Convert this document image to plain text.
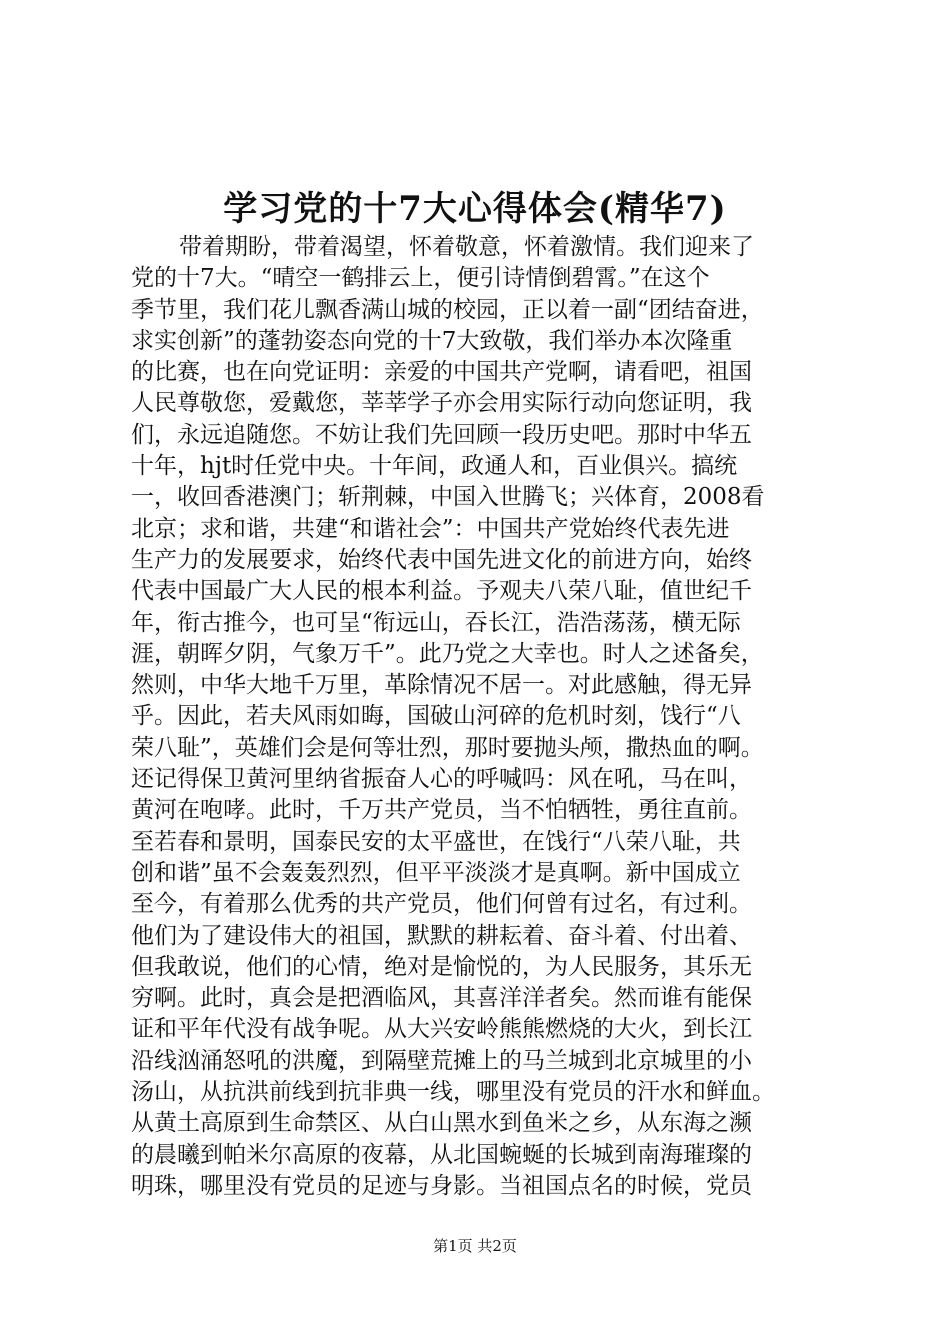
学习党的十7大心得体会(精华7)
带着期盼，带着渴望，怀着敬意，怀着激情。我们迎来了
党的十7大。“晴空一鹤排云上，便引诗情倒碧霄。”在这个
季节里，我们花儿飘香满山城的校园，正以着一副“团结奋进，
求实创新”的蓬勃姿态向党的十7大致敬，我们举办本次隆重
的比赛，也在向党证明：亲爱的中国共产党啊，请看吧，祖国
人民尊敬您，爱戴您，莘莘学子亦会用实际行动向您证明，我
们，永远追随您。不妨让我们先回顾一段历史吧。那时中华五
十年，hjt时任党中央。十年间，政通人和，百业俱兴。搞统
一，收回香港澳门；斩荆棘，中国入世腾飞；兴体育，2008看
北京；求和谐，共建“和谐社会”：中国共产党始终代表先进
生产力的发展要求，始终代表中国先进文化的前进方向，始终
代表中国最广大人民的根本利益。予观夫八荣八耻，值世纪千
年，衔古推今，也可呈“衔远山，吞长江，浩浩荡荡，横无际
涯，朝晖夕阴，气象万千”。此乃党之大幸也。时人之述备矣，
然则，中华大地千万里，革除情况不居一。对此感触，得无异
乎。因此，若夫风雨如晦，国破山河碎的危机时刻，饯行“八
荣八耻”，英雄们会是何等壮烈，那时要抛头颅，撒热血的啊。
还记得保卫黄河里纳省振奋人心的呼喊吗：风在吼，马在叫，
黄河在咆哮。此时，千万共产党员，当不怕牺牲，勇往直前。
至若春和景明，国泰民安的太平盛世，在饯行“八荣八耻，共
创和谐”虽不会轰轰烈烈，但平平淡淡才是真啊。新中国成立
至今，有着那么优秀的共产党员，他们何曾有过名，有过利。
他们为了建设伟大的祖国，默默的耕耘着、奋斗着、付出着、
但我敢说，他们的心情，绝对是愉悦的，为人民服务，其乐无
穷啊。此时，真会是把酒临风，其喜洋洋者矣。然而谁有能保
证和平年代没有战争呢。从大兴安岭熊熊燃烧的大火，到长江
沿线汹涌怒吼的洪魔，到隔壁荒摊上的马兰城到北京城里的小
汤山，从抗洪前线到抗非典一线，哪里没有党员的汗水和鲜血。
从黄土高原到生命禁区、从白山黑水到鱼米之乡，从东海之濒
的晨曦到帕米尔高原的夜幕，从北国蜿蜒的长城到南海璀璨的
明珠，哪里没有党员的足迹与身影。当祖国点名的时候，党员
第1页 共2页
